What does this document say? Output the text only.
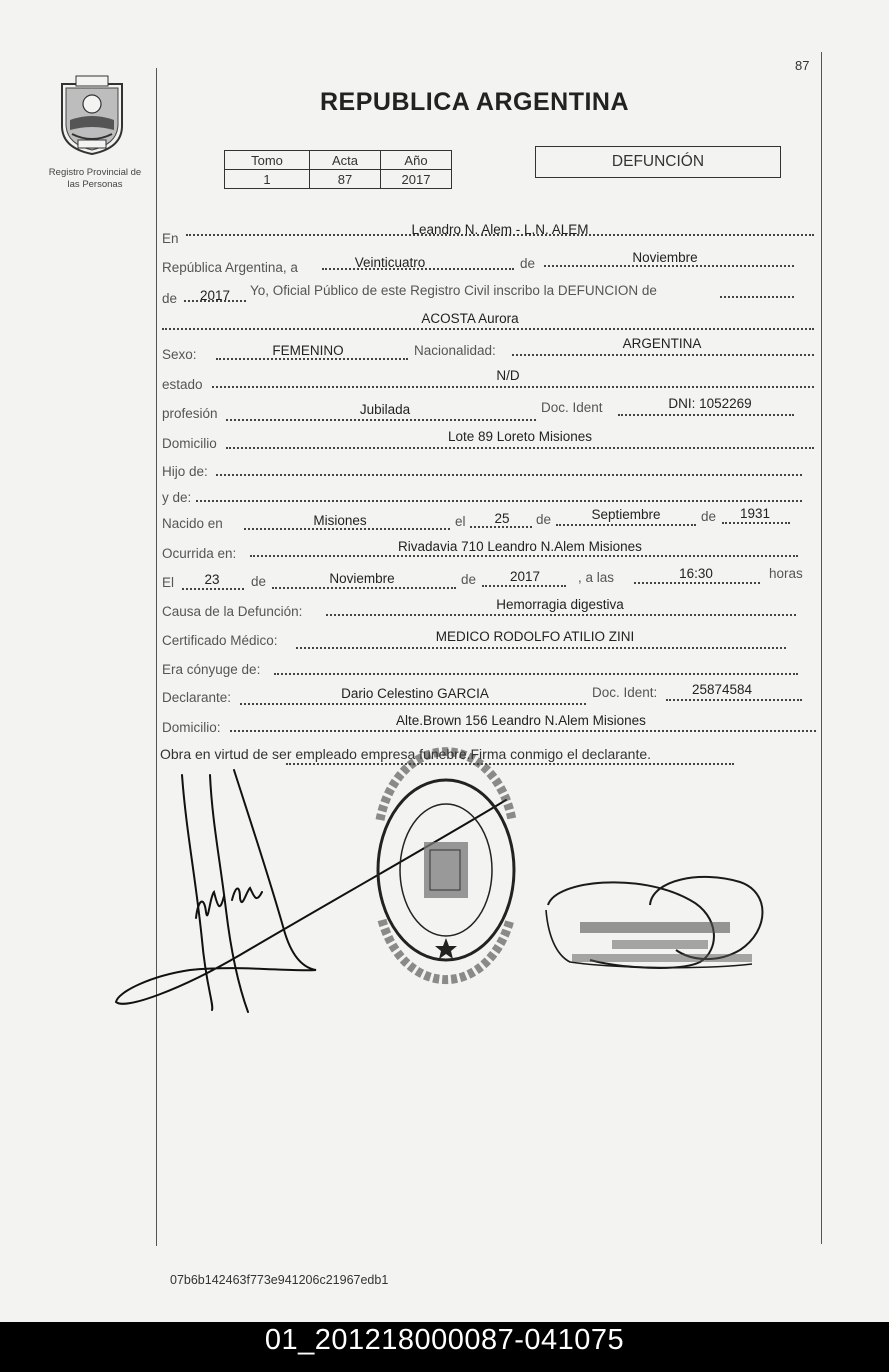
87
Registro Provincial de
las Personas
REPUBLICA ARGENTINA
Tomo	Acta	Año
1	87	2017
DEFUNCIÓN
En
Leandro N. Alem - L.N. ALEM
República Argentina, a	Veinticuatro	de	Noviembre
de	2017	Yo, Oficial Público de este Registro Civil inscribo la DEFUNCION de
ACOSTA Aurora
Sexo:	FEMENINO	Nacionalidad:	ARGENTINA
estado
N/D
profesión	Jubilada	Doc. Ident	DNI: 1052269
Domicilio	Lote 89 Loreto Misiones
Hijo de:
y de:
Nacido en	Misiones	el	25	de	Septiembre	de	1931
Ocurrida en:	Rivadavia 710 Leandro N.Alem Misiones
El	23	de	Noviembre	de	2017	, a las	16:30	horas
Causa de la Defunción:	Hemorragia digestiva
Certificado Médico:	MEDICO RODOLFO ATILIO ZINI
Era cónyuge de:
Declarante:	Dario Celestino GARCIA	Doc. Ident:	25874584
Domicilio:	Alte.Brown 156 Leandro N.Alem Misiones
Obra en virtud de ser empleado empresa funebre.Firma conmigo el declarante.
07b6b142463f773e941206c21967edb1
01_201218000087-041075
